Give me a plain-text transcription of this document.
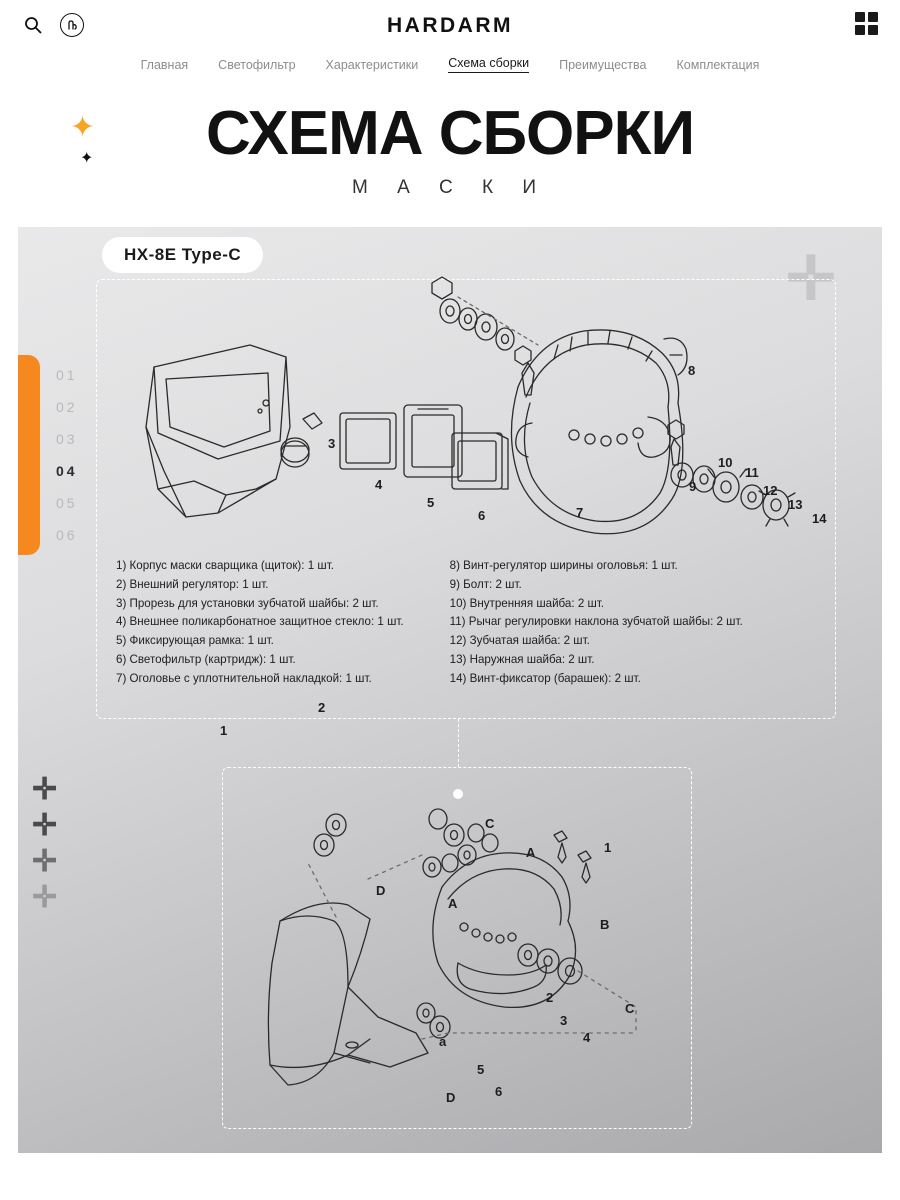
HARDARM
Главная Светофильтр Характеристики Схема сборки Преимущества Комплектация
✦
✦	СХЕМА СБОРКИ
М А С К И
HX-8E Type-C
01
02
03
04
05
06
✛
✛
✛
✛
✛
1
2
3
4
5
6	7
8
9
10
11
12
13
14
1) Корпус маски сварщика (щиток): 1 шт.
2) Внешний регулятор: 1 шт.
3) Прорезь для установки зубчатой шайбы: 2 шт.
4) Внешнее поликарбонатное защитное стекло: 1 шт.
5) Фиксирующая рамка: 1 шт.
6) Светофильтр (картридж): 1 шт.
7) Оголовье с уплотнительной накладкой: 1 шт.
8) Винт-регулятор ширины оголовья: 1 шт.
9) Болт: 2 шт.
10) Внутренняя шайба: 2 шт.
11) Рычаг регулировки наклона зубчатой шайбы: 2 шт.
12) Зубчатая шайба: 2 шт.
13) Наружная шайба: 2 шт.
14) Винт-фиксатор (барашек): 2 шт.
A
A
B
C
C
D
D
a
1
2
3
4
5
6
